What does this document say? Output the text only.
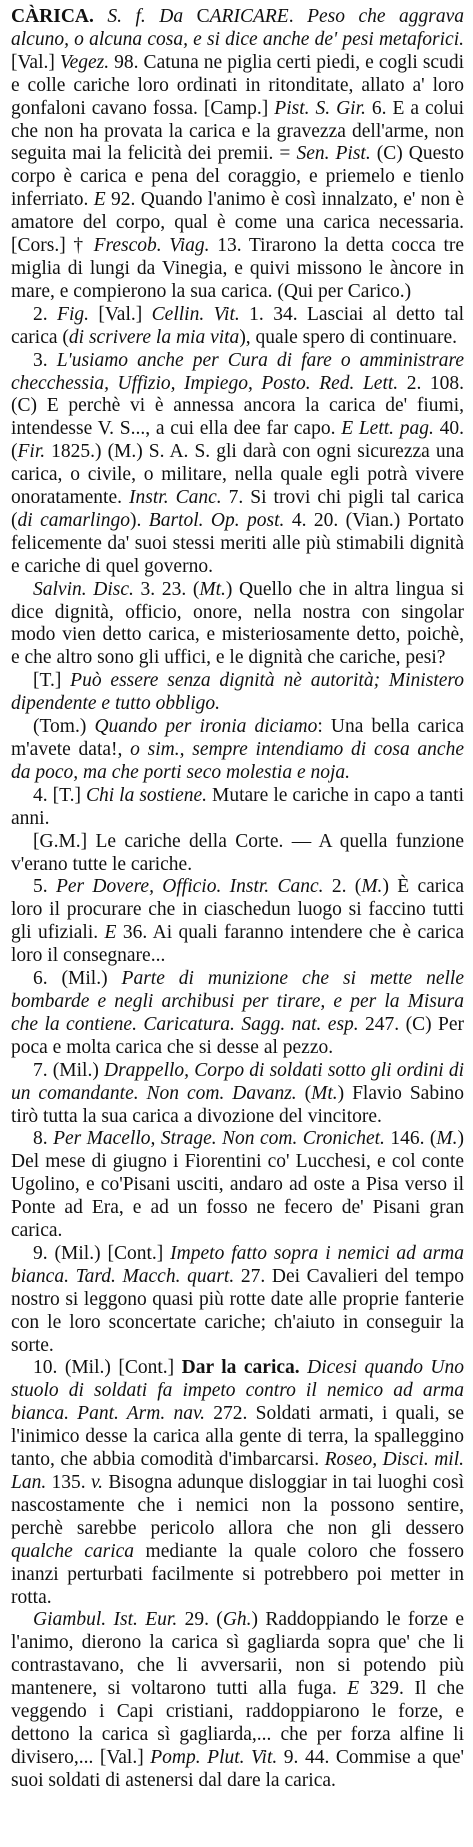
CÀRICA. S. f. Da CARICARE. Peso che aggrava alcuno, o alcuna cosa, e si dice anche de' pesi metaforici. [Val.] Vegez. 98. Catuna ne piglia certi piedi, e cogli scudi e colle cariche loro ordinati in ritonditate, allato a' loro gonfaloni cavano fossa. [Camp.] Pist. S. Gir. 6. E a colui che non ha provata la carica e la gravezza dell'arme, non seguita mai la felicità dei premii. = Sen. Pist. (C) Questo corpo è carica e pena del coraggio, e priemelo e tienlo inferriato. E 92. Quando l'animo è così innalzato, e' non è amatore del corpo, qual è come una carica necessaria. [Cors.] † Frescob. Viag. 13. Tirarono la detta cocca tre miglia di lungi da Vinegia, e quivi missono le àncore in mare, e compierono la sua carica. (Qui per Carico.)

2. Fig. [Val.] Cellin. Vit. 1. 34. Lasciai al detto tal carica (di scrivere la mia vita), quale spero di continuare.

3. L'usiamo anche per Cura di fare o amministrare checchessia, Uffizio, Impiego, Posto. Red. Lett. 2. 108. (C) E perchè vi è annessa ancora la carica de' fiumi, intendesse V. S..., a cui ella dee far capo. E Lett. pag. 40. (Fir. 1825.) (M.) S. A. S. gli darà con ogni sicurezza una carica, o civile, o militare, nella quale egli potrà vivere onoratamente. Instr. Canc. 7. Si trovi chi pigli tal carica (di camarlingo). Bartol. Op. post. 4. 20. (Vian.) Portato felicemente da' suoi stessi meriti alle più stimabili dignità e cariche di quel governo.

Salvin. Disc. 3. 23. (Mt.) Quello che in altra lingua si dice dignità, officio, onore, nella nostra con singolar modo vien detto carica, e misteriosamente detto, poichè, e che altro sono gli uffici, e le dignità che cariche, pesi?

[T.] Può essere senza dignità nè autorità; Ministero dipendente e tutto obbligo.

(Tom.) Quando per ironia diciamo: Una bella carica m'avete data!, o sim., sempre intendiamo di cosa anche da poco, ma che porti seco molestia e noja.

4. [T.] Chi la sostiene. Mutare le cariche in capo a tanti anni.

[G.M.] Le cariche della Corte. — A quella funzione v'erano tutte le cariche.

5. Per Dovere, Officio. Instr. Canc. 2. (M.) È carica loro il procurare che in ciaschedun luogo si faccino tutti gli ufiziali. E 36. Ai quali faranno intendere che è carica loro il consegnare...

6. (Mil.) Parte di munizione che si mette nelle bombarde e negli archibusi per tirare, e per la Misura che la contiene. Caricatura. Sagg. nat. esp. 247. (C) Per poca e molta carica che si desse al pezzo.

7. (Mil.) Drappello, Corpo di soldati sotto gli ordini di un comandante. Non com. Davanz. (Mt.) Flavio Sabino tirò tutta la sua carica a divozione del vincitore.

8. Per Macello, Strage. Non com. Cronichet. 146. (M.) Del mese di giugno i Fiorentini co' Lucchesi, e col conte Ugolino, e co'Pisani usciti, andaro ad oste a Pisa verso il Ponte ad Era, e ad un fosso ne fecero de' Pisani gran carica.

9. (Mil.) [Cont.] Impeto fatto sopra i nemici ad arma bianca. Tard. Macch. quart. 27. Dei Cavalieri del tempo nostro si leggono quasi più rotte date alle proprie fanterie con le loro sconcertate cariche; ch'aiuto in conseguir la sorte.

10. (Mil.) [Cont.] Dar la carica. Dicesi quando Uno stuolo di soldati fa impeto contro il nemico ad arma bianca. Pant. Arm. nav. 272. Soldati armati, i quali, se l'inimico desse la carica alla gente di terra, la spalleggino tanto, che abbia comodità d'imbarcarsi. Roseo, Disci. mil. Lan. 135. v. Bisogna adunque disloggiar in tai luoghi così nascostamente che i nemici non la possono sentire, perchè sarebbe pericolo allora che non gli dessero qualche carica mediante la quale coloro che fossero inanzi perturbati facilmente si potrebbero poi metter in rotta.

Giambul. Ist. Eur. 29. (Gh.) Raddoppiando le forze e l'animo, dierono la carica sì gagliarda sopra que' che li contrastavano, che li avversarii, non si potendo più mantenere, si voltarono tutti alla fuga. E 329. Il che veggendo i Capi cristiani, raddoppiarono le forze, e dettono la carica sì gagliarda,... che per forza alfine li divisero,... [Val.] Pomp. Plut. Vit. 9. 44. Commise a que' suoi soldati di astenersi dal dare la carica.
